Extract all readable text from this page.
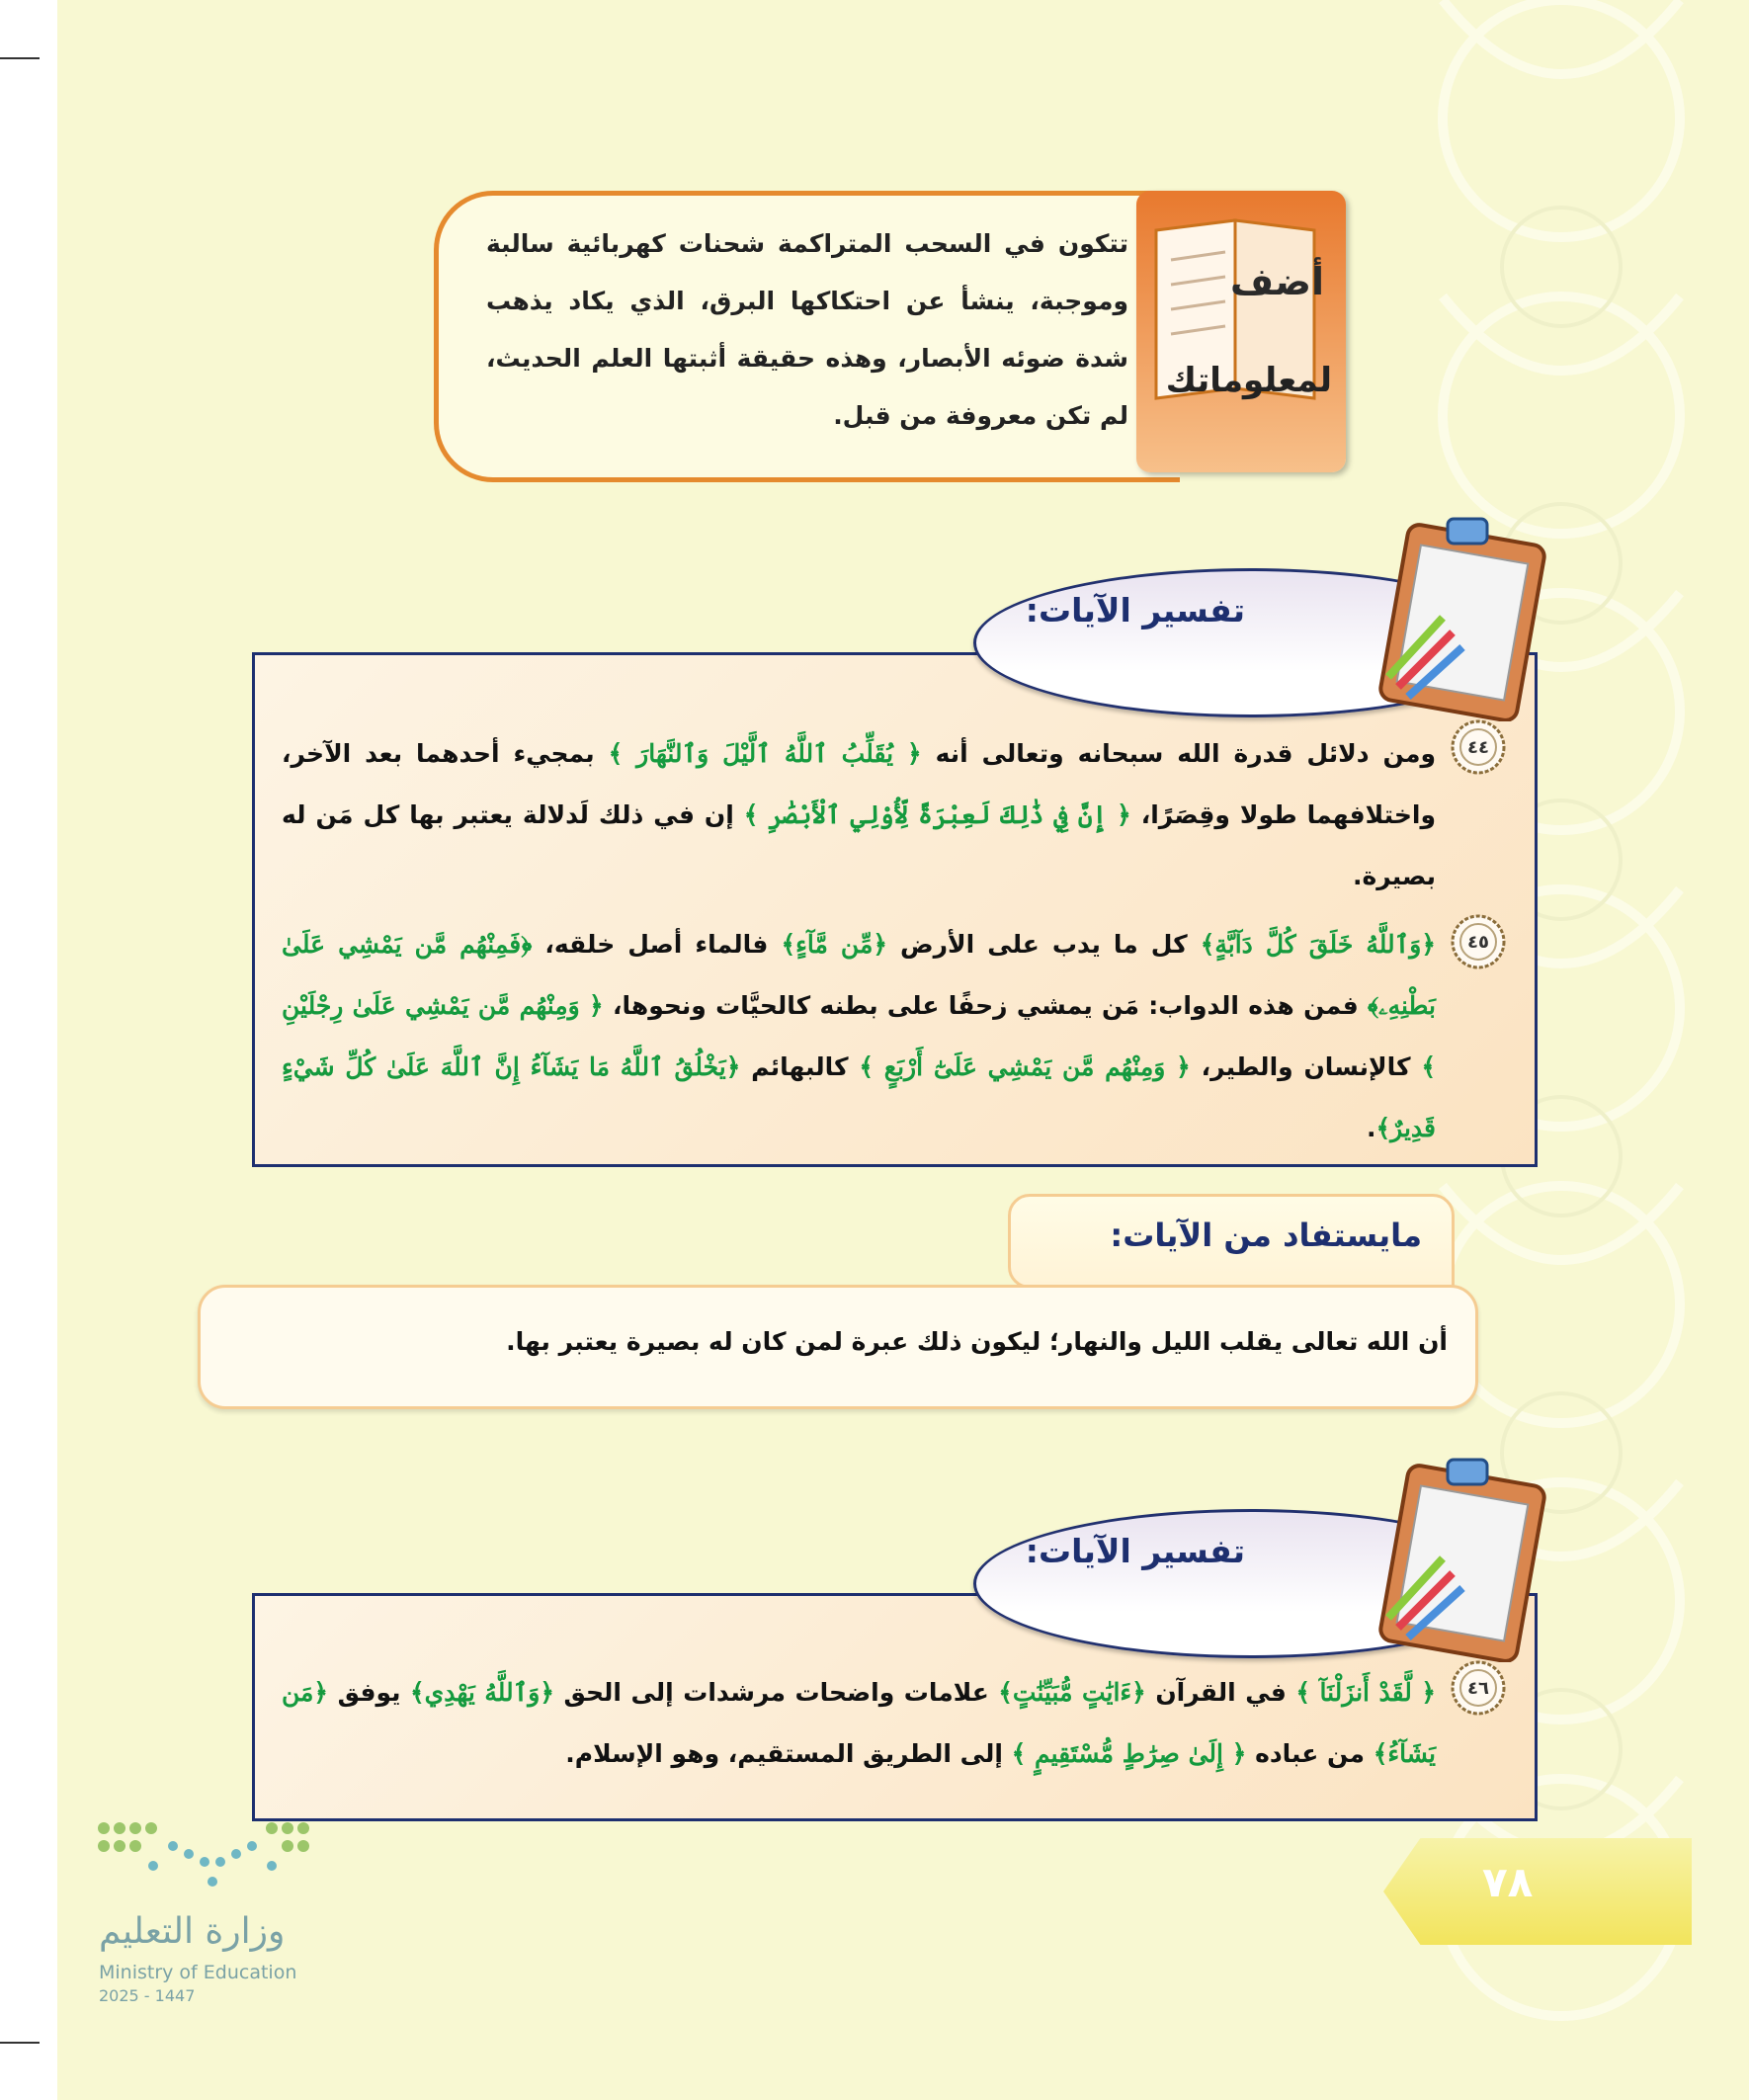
تتكون في السحب المتراكمة شحنات كهربائية سالبة وموجبة، ينشأ عن احتكاكها البرق، الذي يكاد يذهب شدة ضوئه الأبصار، وهذه حقيقة أثبتها العلم الحديث، لم تكن معروفة من قبل.
أضف
لمعلوماتك
تفسير الآيات:
٤٤
ومن دلائل قدرة الله سبحانه وتعالى أنه ﴿ يُقَلِّبُ ٱللَّهُ ٱلَّيْلَ وَٱلنَّهَارَ ﴾ بمجيء أحدهما بعد الآخر، واختلافهما طولا وقِصَرًا، ﴿ إِنَّ فِي ذَٰلِكَ لَعِبْرَةً لِّأُوْلِي ٱلْأَبْصَٰرِ ﴾ إن في ذلك لَدلالة يعتبر بها كل مَن له بصيرة.
٤٥
﴿وَٱللَّهُ خَلَقَ كُلَّ دَآبَّةٍ﴾ كل ما يدب على الأرض ﴿مِّن مَّآءٍ﴾ فالماء أصل خلقه، ﴿فَمِنْهُم مَّن يَمْشِي عَلَىٰ بَطْنِهِۦ﴾ فمن هذه الدواب: مَن يمشي زحفًا على بطنه كالحيَّات ونحوها، ﴿ وَمِنْهُم مَّن يَمْشِي عَلَىٰ رِجْلَيْنِ ﴾ كالإنسان والطير، ﴿ وَمِنْهُم مَّن يَمْشِي عَلَىٰٓ أَرْبَعٍ ﴾ كالبهائم ﴿يَخْلُقُ ٱللَّهُ مَا يَشَآءُ إِنَّ ٱللَّهَ عَلَىٰ كُلِّ شَيْءٍ قَدِيرٌ﴾.
مايستفاد من الآيات:
أن الله تعالى يقلب الليل والنهار؛ ليكون ذلك عبرة لمن كان له بصيرة يعتبر بها.
تفسير الآيات:
٤٦
﴿ لَّقَدْ أَنزَلْنَآ ﴾ في القرآن ﴿ءَايَٰتٍ مُّبَيِّنَٰتٍ﴾ علامات واضحات مرشدات إلى الحق ﴿وَٱللَّهُ يَهْدِي﴾ يوفق ﴿مَن يَشَآءُ﴾ من عباده ﴿ إِلَىٰ صِرَٰطٍ مُّسْتَقِيمٍ ﴾ إلى الطريق المستقيم، وهو الإسلام.
٧٨
وزارة التعليم
Ministry of Education
2025 - 1447
